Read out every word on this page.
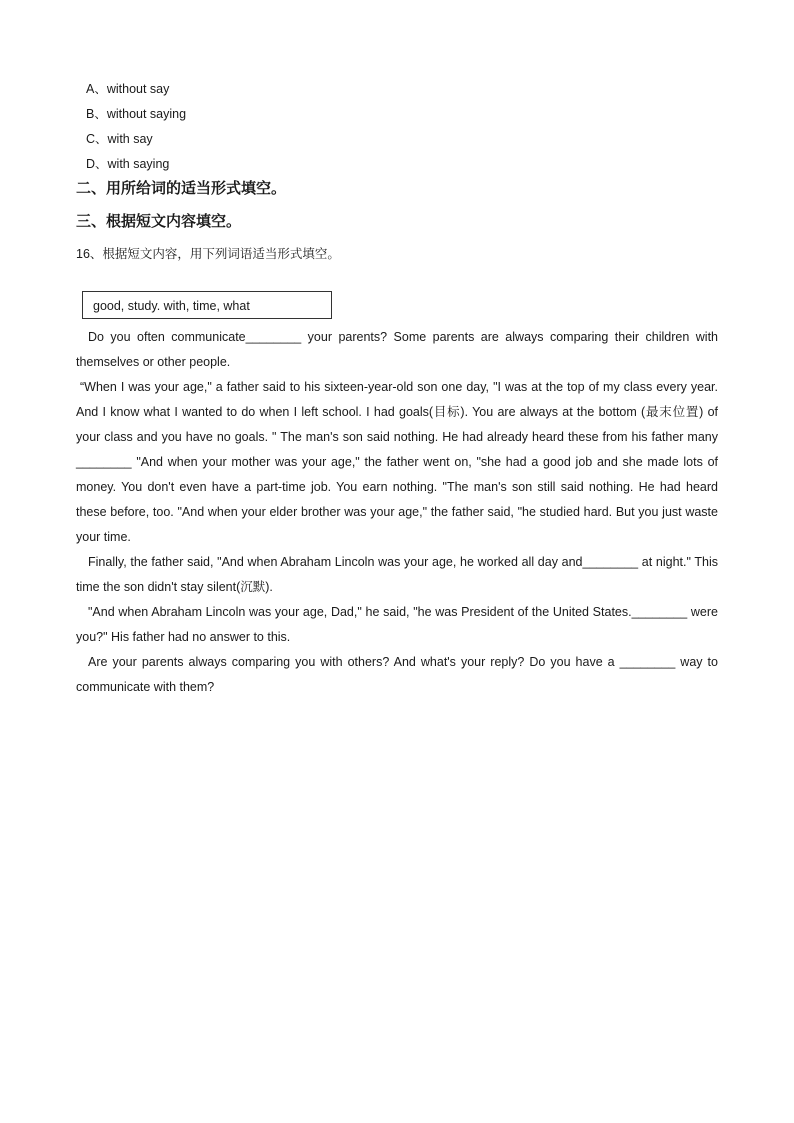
A、without say
B、without saying
C、with say
D、with saying
二、用所给词的适当形式填空。
三、根据短文内容填空。
16、根据短文内容，用下列词语适当形式填空。
good, study. with, time, what

Do you often communicate________ your parents? Some parents are always comparing their children with themselves or other people.

“When I was your age," a father said to his sixteen-year-old son one day, "I was at the top of my class every year. And I know what I wanted to do when I left school. I had goals(目标). You are always at the bottom (最末位置) of your class and you have no goals. " The man's son said nothing. He had already heard these from his father many ________ "And when your mother was your age," the father went on, "she had a good job and she made lots of money. You don't even have a part-time job. You earn nothing. "The man's son still said nothing. He had heard these before, too. "And when your elder brother was your age," the father said, "he studied hard. But you just waste your time.

Finally, the father said, "And when Abraham Lincoln was your age, he worked all day and________ at night." This time the son didn't stay silent(沉默).

"And when Abraham Lincoln was your age, Dad," he said, "he was President of the United States.________ were you?" His father had no answer to this.

Are your parents always comparing you with others? And what's your reply? Do you have a ________ way to communicate with them?
